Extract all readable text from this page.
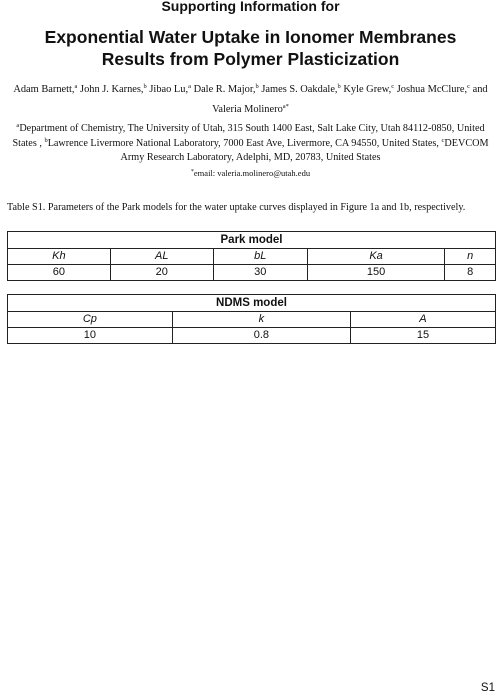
Supporting Information for
Exponential Water Uptake in Ionomer Membranes
Results from Polymer Plasticization
Adam Barnett,$^a$ John J. Karnes,$^b$ Jibao Lu,$^a$ Dale R. Major,$^b$ James S. Oakdale,$^b$ Kyle Grew,$^c$ Joshua McClure,$^c$ and
Valeria Molinero$^{a*}$
$^a$Department of Chemistry, The University of Utah, 315 South 1400 East, Salt Lake City, Utah 84112-0850, United States , $^b$Lawrence Livermore National Laboratory, 7000 East Ave, Livermore, CA 94550, United States, $^c$DEVCOM Army Research Laboratory, Adelphi, MD, 20783, United States
*email: valeria.molinero@utah.edu
Table S1. Parameters of the Park models for the water uptake curves displayed in Figure 1a and 1b, respectively.
Park model				
Kh	AL	bL	Ka	n
60	20	30	150	8
NDMS model		
Cp	k	A
10	0.8	15
S1
